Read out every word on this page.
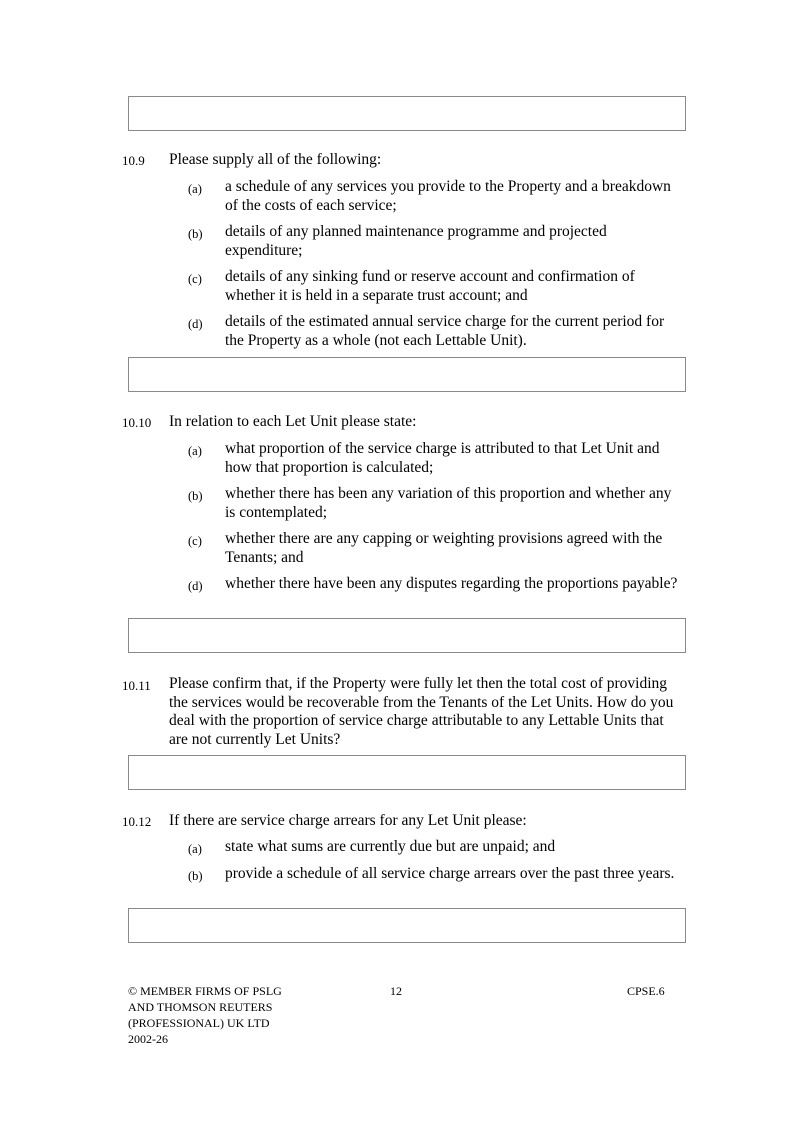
10.9 Please supply all of the following:
(a) a schedule of any services you provide to the Property and a breakdown of the costs of each service;
(b) details of any planned maintenance programme and projected expenditure;
(c) details of any sinking fund or reserve account and confirmation of whether it is held in a separate trust account; and
(d) details of the estimated annual service charge for the current period for the Property as a whole (not each Lettable Unit).
10.10 In relation to each Let Unit please state:
(a) what proportion of the service charge is attributed to that Let Unit and how that proportion is calculated;
(b) whether there has been any variation of this proportion and whether any is contemplated;
(c) whether there are any capping or weighting provisions agreed with the Tenants; and
(d) whether there have been any disputes regarding the proportions payable?
10.11 Please confirm that, if the Property were fully let then the total cost of providing the services would be recoverable from the Tenants of the Let Units. How do you deal with the proportion of service charge attributable to any Lettable Units that are not currently Let Units?
10.12 If there are service charge arrears for any Let Unit please:
(a) state what sums are currently due but are unpaid; and
(b) provide a schedule of all service charge arrears over the past three years.
© MEMBER FIRMS OF PSLG
AND THOMSON REUTERS
(PROFESSIONAL) UK LTD
2002-26
12	CPSE.6
